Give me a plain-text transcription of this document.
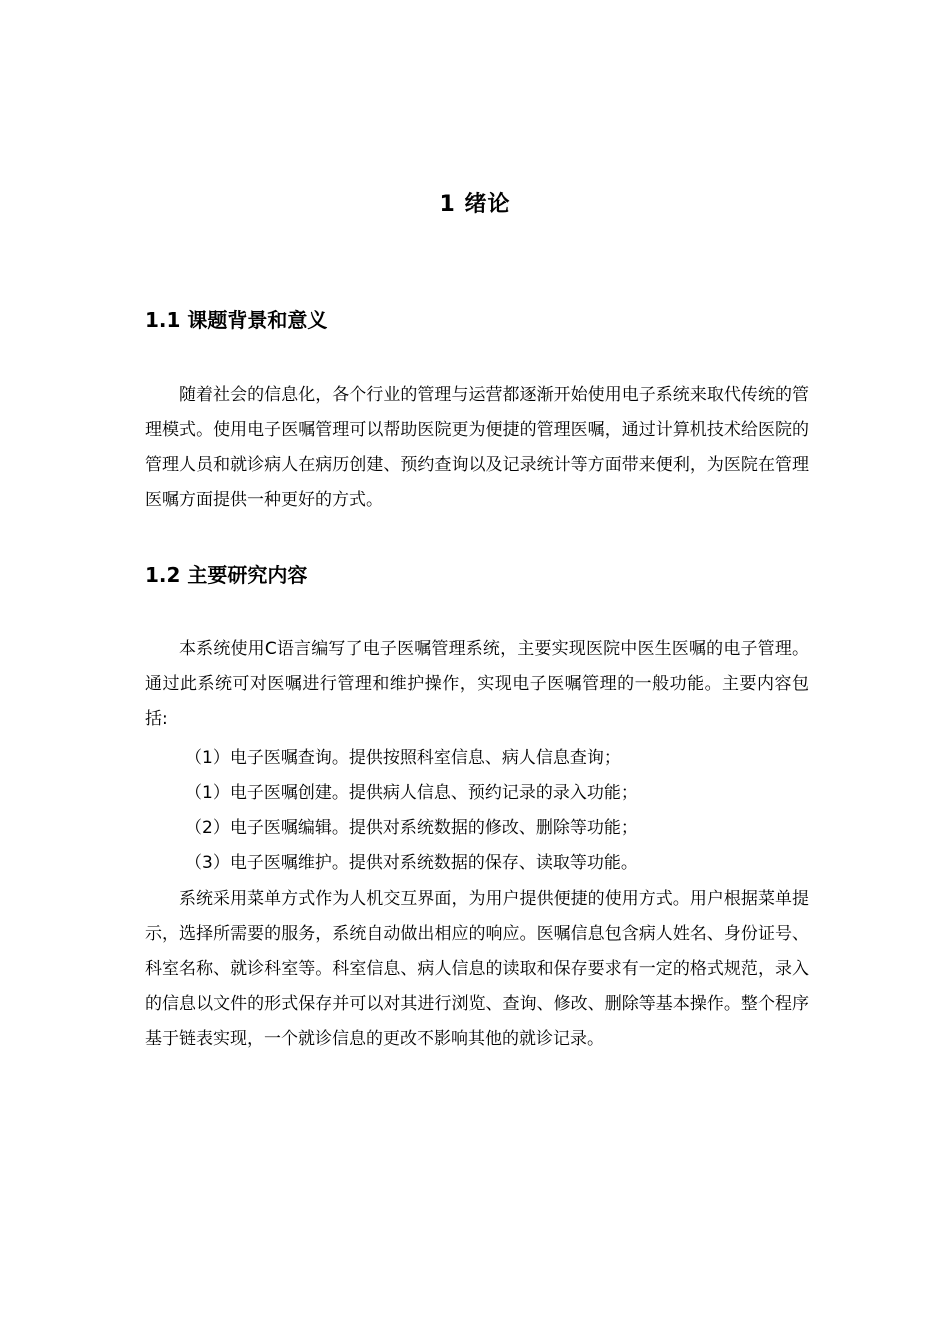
1 绪论
1.1 课题背景和意义

随着社会的信息化，各个行业的管理与运营都逐渐开始使用电子系统来取代传统的管理模式。使用电子医嘱管理可以帮助医院更为便捷的管理医嘱，通过计算机技术给医院的管理人员和就诊病人在病历创建、预约查询以及记录统计等方面带来便利，为医院在管理医嘱方面提供一种更好的方式。

1.2 主要研究内容

本系统使用C语言编写了电子医嘱管理系统，主要实现医院中医生医嘱的电子管理。通过此系统可对医嘱进行管理和维护操作，实现电子医嘱管理的一般功能。主要内容包括:

（1）电子医嘱查询。提供按照科室信息、病人信息查询；
（1）电子医嘱创建。提供病人信息、预约记录的录入功能；
（2）电子医嘱编辑。提供对系统数据的修改、删除等功能；
（3）电子医嘱维护。提供对系统数据的保存、读取等功能。

系统采用菜单方式作为人机交互界面，为用户提供便捷的使用方式。用户根据菜单提示，选择所需要的服务，系统自动做出相应的响应。医嘱信息包含病人姓名、身份证号、科室名称、就诊科室等。科室信息、病人信息的读取和保存要求有一定的格式规范，录入的信息以文件的形式保存并可以对其进行浏览、查询、修改、删除等基本操作。整个程序基于链表实现，一个就诊信息的更改不影响其他的就诊记录。
